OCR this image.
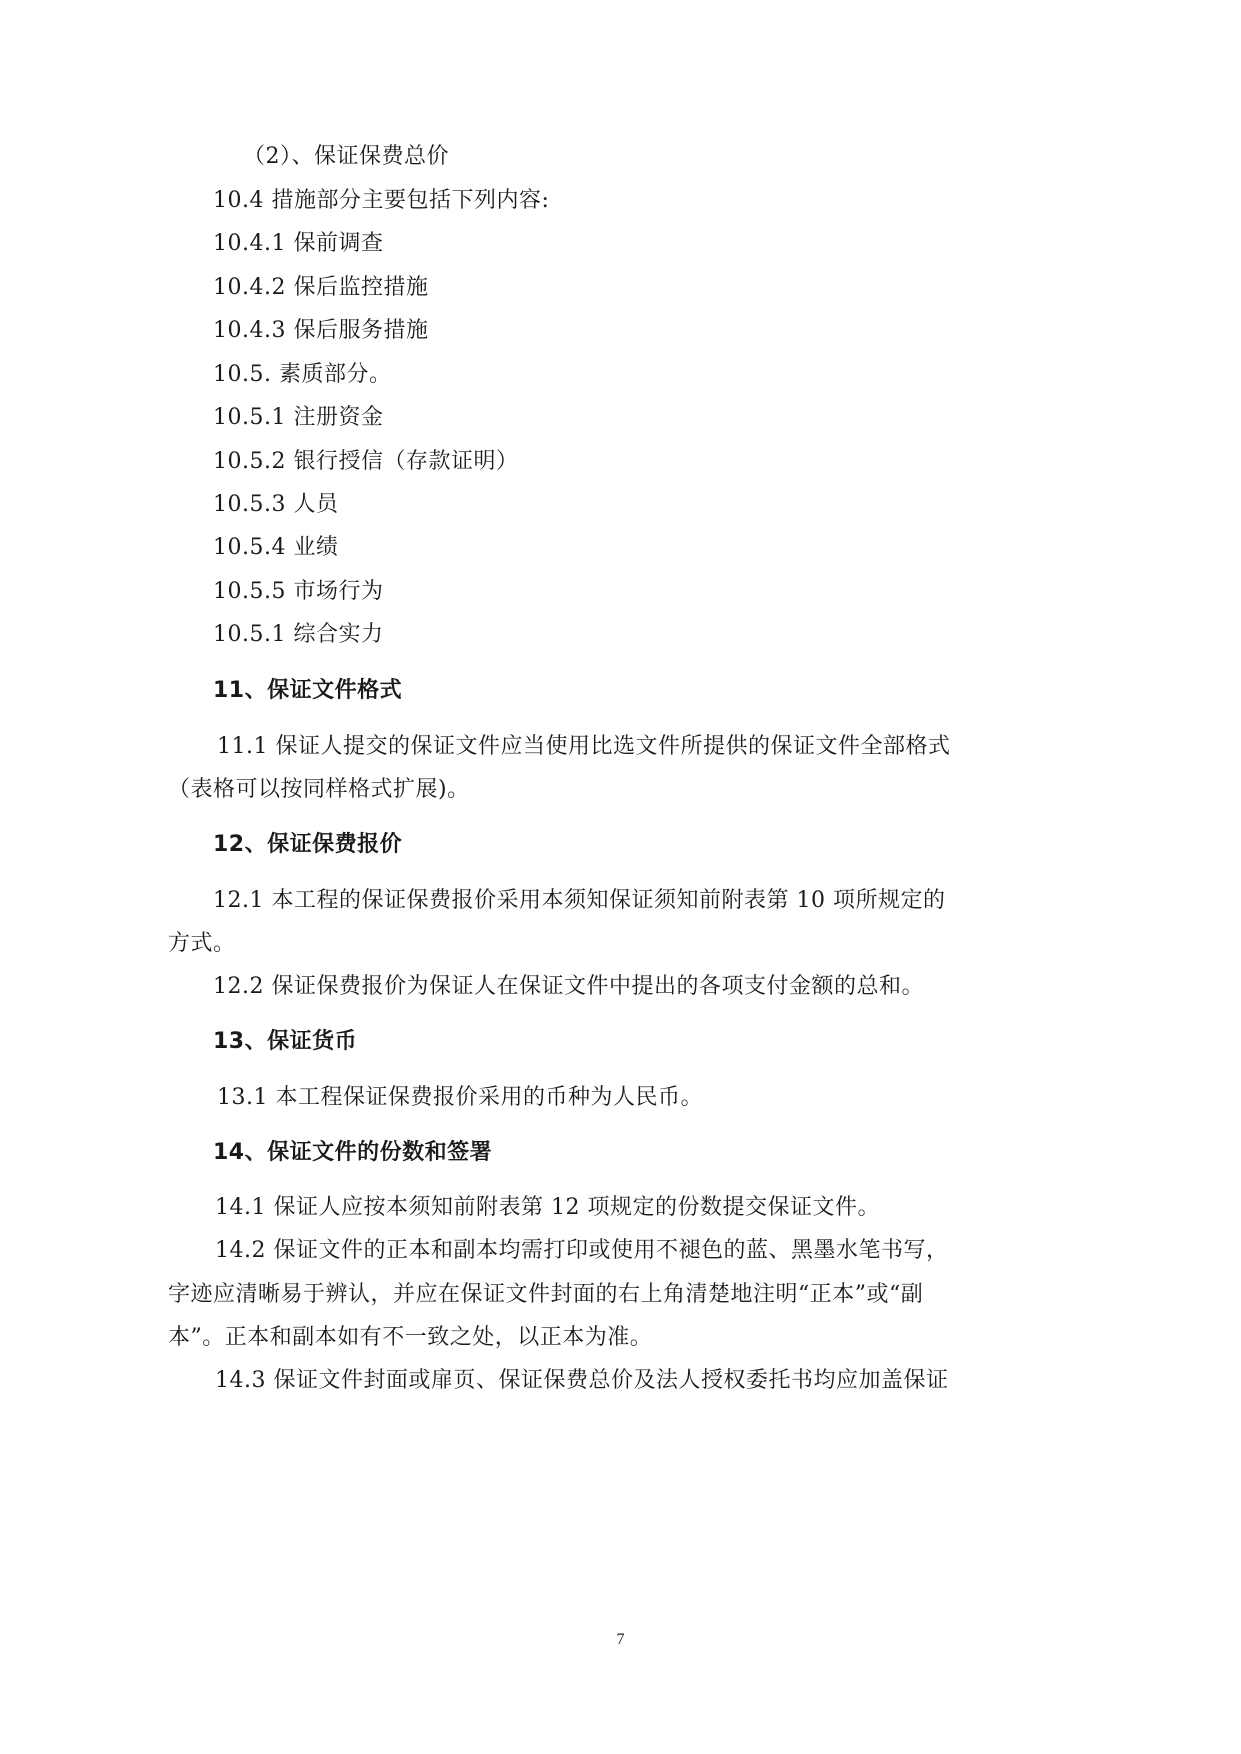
（2）、保证保费总价
10.4 措施部分主要包括下列内容:
10.4.1 保前调查
10.4.2 保后监控措施
10.4.3 保后服务措施
10.5. 素质部分。
10.5.1 注册资金
10.5.2 银行授信（存款证明）
10.5.3 人员
10.5.4 业绩
10.5.5 市场行为
10.5.1 综合实力
11、保证文件格式
11.1 保证人提交的保证文件应当使用比选文件所提供的保证文件全部格式
（表格可以按同样格式扩展)。
12、保证保费报价
12.1 本工程的保证保费报价采用本须知保证须知前附表第 10 项所规定的
方式。
12.2 保证保费报价为保证人在保证文件中提出的各项支付金额的总和。
13、保证货币
13.1 本工程保证保费报价采用的币种为人民币。
14、保证文件的份数和签署
14.1 保证人应按本须知前附表第 12 项规定的份数提交保证文件。
14.2 保证文件的正本和副本均需打印或使用不褪色的蓝、黑墨水笔书写，
字迹应清晰易于辨认，并应在保证文件封面的右上角清楚地注明“正本”或“副
本”。正本和副本如有不一致之处，以正本为准。
14.3 保证文件封面或扉页、保证保费总价及法人授权委托书均应加盖保证
7
